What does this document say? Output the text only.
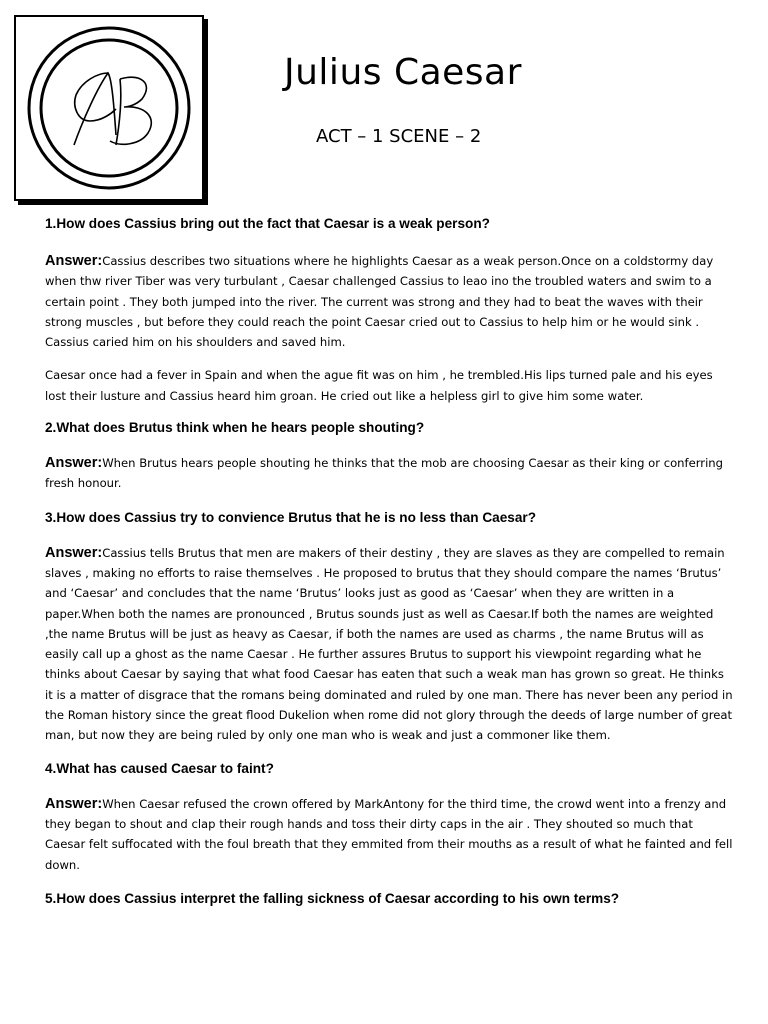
Julius Caesar
ACT – 1 SCENE – 2

1.How does Cassius bring out the fact that Caesar is a weak person?

Answer:Cassius describes two situations where he highlights Caesar as a weak person.Once on a coldstormy day when thw river Tiber was very turbulant , Caesar challenged Cassius to leao ino the troubled waters and swim to a certain point . They both jumped into the river. The current was strong and they had to beat the waves with their strong muscles , but before they could reach the point Caesar cried out to Cassius to help him or he would sink . Cassius caried him on his shoulders and saved him.

Caesar once had a fever in Spain and when the ague fit was on him , he trembled.His lips turned pale and his eyes lost their lusture and Cassius heard him groan. He cried out like a helpless girl to give him some water.

2.What does Brutus think when he hears people shouting?

Answer:When Brutus hears people shouting he thinks that the mob are choosing Caesar as their king or conferring fresh honour.

3.How does Cassius try to convience Brutus that he is no less than Caesar?

Answer:Cassius tells Brutus that men are makers of their destiny , they are slaves as they are compelled to remain slaves , making no efforts to raise themselves . He proposed to brutus that they should compare the names ‘Brutus’ and ‘Caesar’ and concludes that the name ‘Brutus’ looks just as good as ‘Caesar’ when they are written in a paper.When both the names are pronounced , Brutus sounds just as well as Caesar.If both the names are weighted ,the name Brutus will be just as heavy as Caesar, if both the names are used as charms , the name Brutus will as easily call up a ghost as the name Caesar . He further assures Brutus to support his viewpoint regarding what he thinks about Caesar by saying that what food Caesar has eaten that such a weak man has grown so great. He thinks it is a matter of disgrace that the romans being dominated and ruled by one man. There has never been any period in the Roman history since the great flood Dukelion when rome did not glory through the deeds of large number of great man, but now they are being ruled by only one man who is weak and just a commoner like them.

4.What has caused Caesar to faint?

Answer:When Caesar refused the crown offered by MarkAntony for the third time, the crowd went into a frenzy and they began to shout and clap their rough hands and toss their dirty caps in the air . They shouted so much that Caesar felt suffocated with the foul breath that they emmited from their mouths as a result of what he fainted and fell down.

5.How does Cassius interpret the falling sickness of Caesar according to his own terms?
